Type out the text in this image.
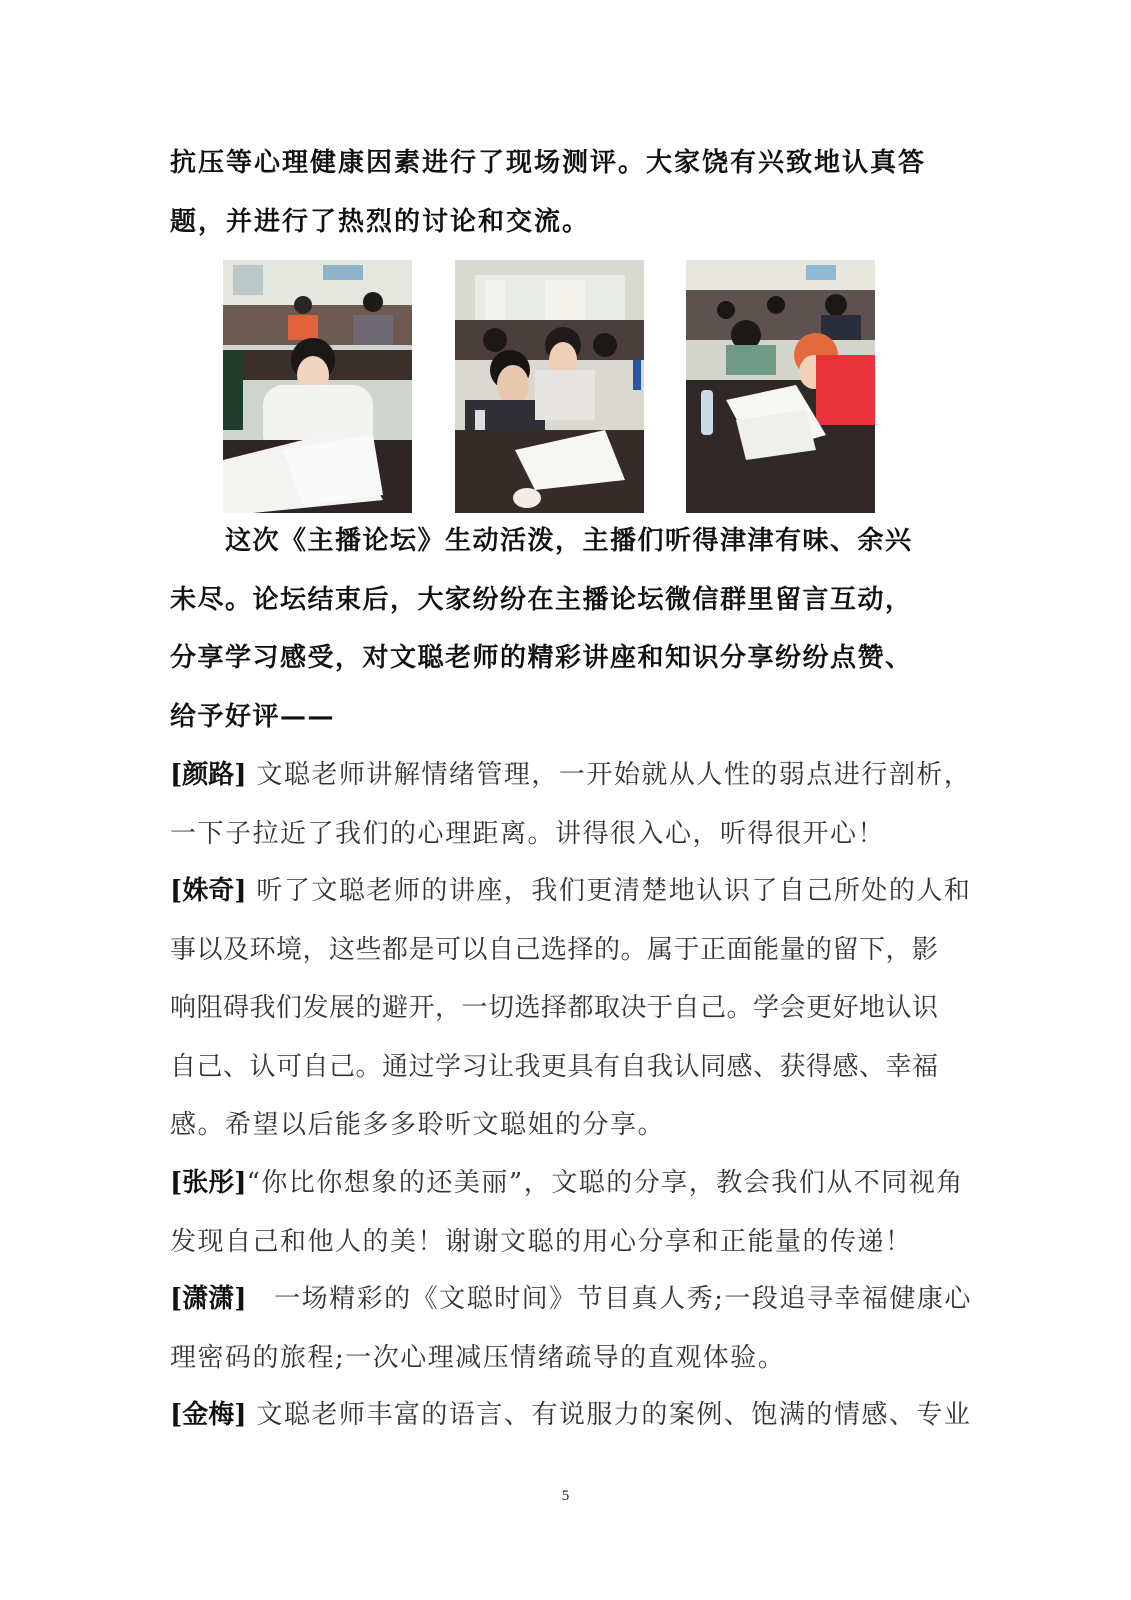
抗压等心理健康因素进行了现场测评。大家饶有兴致地认真答
题，并进行了热烈的讨论和交流。
　　这次《主播论坛》生动活泼，主播们听得津津有味、余兴
未尽。论坛结束后，大家纷纷在主播论坛微信群里留言互动，
分享学习感受，对文聪老师的精彩讲座和知识分享纷纷点赞、
给予好评——
[颜路] 文聪老师讲解情绪管理，一开始就从人性的弱点进行剖析，
一下子拉近了我们的心理距离。讲得很入心，听得很开心！
[姝奇] 听了文聪老师的讲座，我们更清楚地认识了自己所处的人和
事以及环境，这些都是可以自己选择的。属于正面能量的留下，影
响阻碍我们发展的避开，一切选择都取决于自己。学会更好地认识
自己、认可自己。通过学习让我更具有自我认同感、获得感、幸福
感。希望以后能多多聆听文聪姐的分享。
[张彤]“你比你想象的还美丽”，文聪的分享，教会我们从不同视角
发现自己和他人的美！谢谢文聪的用心分享和正能量的传递！
[潇潇]　一场精彩的《文聪时间》节目真人秀;一段追寻幸福健康心
理密码的旅程;一次心理减压情绪疏导的直观体验。
[金梅] 文聪老师丰富的语言、有说服力的案例、饱满的情感、专业
5
